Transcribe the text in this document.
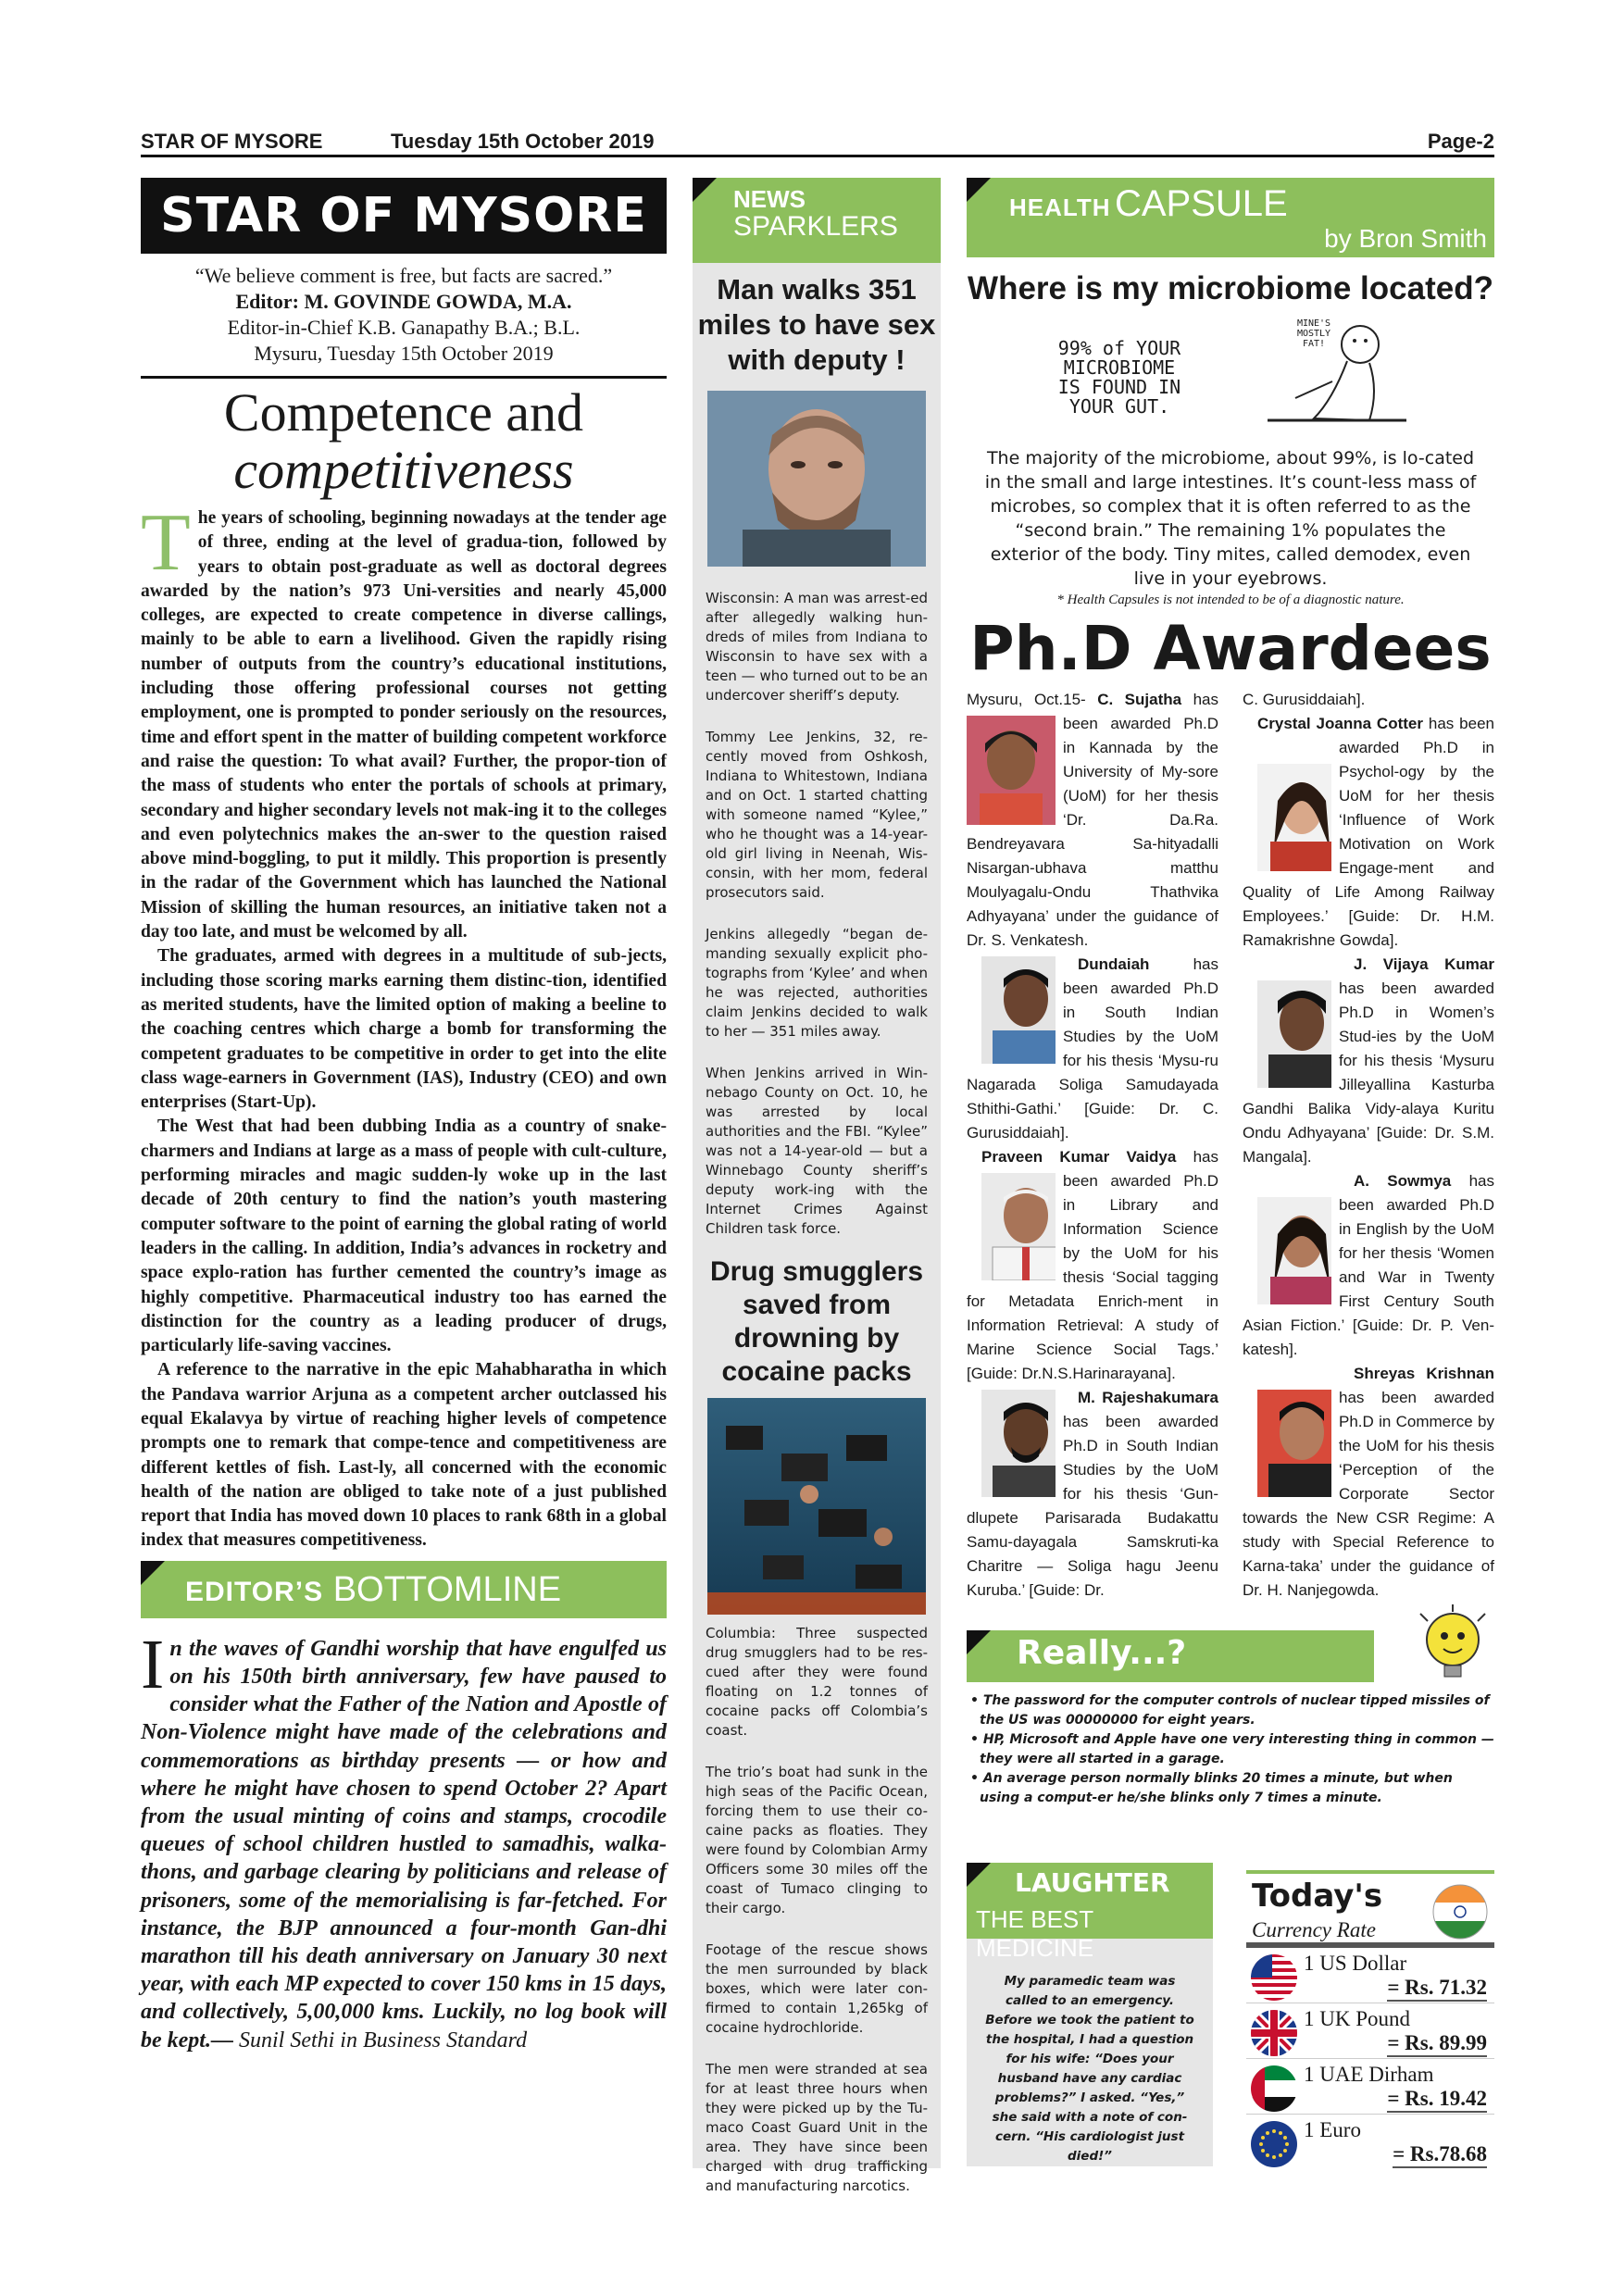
STAR OF MYSORE	Tuesday 15th October 2019	Page-2
STAR OF MYSORE
“We believe comment is free, but facts are sacred.”
Editor: M. GOVINDE GOWDA, M.A.
Editor-in-Chief K.B. Ganapathy B.A.; B.L.
Mysuru, Tuesday 15th October 2019
Competence and
competitiveness

The years of schooling, beginning nowadays at the tender age of three, ending at the level of gradua-tion, followed by years to obtain post-graduate as well as doctoral degrees awarded by the nation’s 973 Uni-versities and nearly 45,000 colleges, are expected to create competence in diverse callings, mainly to be able to earn a livelihood. Given the rapidly rising number of outputs from the country’s educational institutions, including those offering professional courses not getting employment, one is prompted to ponder seriously on the resources, time and effort spent in the matter of building competent workforce and raise the question: To what avail? Further, the propor-tion of the mass of students who enter the portals of schools at primary, secondary and higher secondary levels not mak-ing it to the colleges and even polytechnics makes the an-swer to the question raised above mind-boggling, to put it mildly. This proportion is presently in the radar of the Government which has launched the National Mission of skilling the human resources, an initiative taken not a day too late, and must be welcomed by all.

The graduates, armed with degrees in a multitude of sub-jects, including those scoring marks earning them distinc-tion, identified as merited students, have the limited option of making a beeline to the coaching centres which charge a bomb for transforming the competent graduates to be competitive in order to get into the elite class wage-earners in Government (IAS), Industry (CEO) and own enterprises (Start-Up).

The West that had been dubbing India as a country of snake-charmers and Indians at large as a mass of people with cult-culture, performing miracles and magic sudden-ly woke up in the last decade of 20th century to find the nation’s youth mastering computer software to the point of earning the global rating of world leaders in the calling. In addition, India’s advances in rocketry and space explo-ration has further cemented the country’s image as highly competitive. Pharmaceutical industry too has earned the distinction for the country as a leading producer of drugs, particularly life-saving vaccines.

A reference to the narrative in the epic Mahabharatha in which the Pandava warrior Arjuna as a competent archer outclassed his equal Ekalavya by virtue of reaching higher levels of competence prompts one to remark that compe-tence and competitiveness are different kettles of fish. Last-ly, all concerned with the economic health of the nation are obliged to take note of a just published report that India has moved down 10 places to rank 68th in a global index that measures competitiveness.

EDITOR’S BOTTOMLINE
In the waves of Gandhi worship that have engulfed us on his 150th birth anniversary, few have paused to consider what the Father of the Nation and Apostle of Non-Violence might have made of the celebrations and commemorations as birthday presents — or how and where he might have chosen to spend October 2? Apart from the usual minting of coins and stamps, crocodile queues of school children hustled to samadhis, walka-thons, and garbage clearing by politicians and release of prisoners, some of the memorialising is far-fetched. For instance, the BJP announced a four-month Gan-dhi marathon till his death anniversary on January 30 next year, with each MP expected to cover 150 kms in 15 days, and collectively, 5,00,000 kms. Luckily, no log book will be kept.— Sunil Sethi in Business Standard
NEWS
SPARKLERS
Man walks 351 miles to have sex with deputy !

Wisconsin: A man was arrest-ed after allegedly walking hun-dreds of miles from Indiana to Wisconsin to have sex with a teen — who turned out to be an undercover sheriff’s deputy.

Tommy Lee Jenkins, 32, re-cently moved from Oshkosh, Indiana to Whitestown, Indiana and on Oct. 1 started chatting with someone named “Kylee,” who he thought was a 14-year-old girl living in Neenah, Wis-consin, with her mom, federal prosecutors said.

Jenkins allegedly “began de-manding sexually explicit pho-tographs from ‘Kylee’ and when he was rejected, authorities claim Jenkins decided to walk to her — 351 miles away.

When Jenkins arrived in Win-nebago County on Oct. 10, he was arrested by local authorities and the FBI. “Kylee” was not a 14-year-old — but a Winnebago County sheriff’s deputy work-ing with the Internet Crimes Against Children task force.

Drug smugglers saved from drowning by cocaine packs

Columbia: Three suspected drug smugglers had to be res-cued after they were found floating on 1.2 tonnes of cocaine packs off Colombia’s coast.

The trio’s boat had sunk in the high seas of the Pacific Ocean, forcing them to use their co-caine packs as floaties. They were found by Colombian Army Officers some 30 miles off the coast of Tumaco clinging to their cargo.

Footage of the rescue shows the men surrounded by black boxes, which were later con-firmed to contain 1,265kg of cocaine hydrochloride.

The men were stranded at sea for at least three hours when they were picked up by the Tu-maco Coast Guard Unit in the area. They have since been charged with drug trafficking and manufacturing narcotics.

HEALTH CAPSULE
by Bron Smith
Where is my microbiome located?
99% of YOUR
MICROBIOME
IS FOUND IN
YOUR GUT.
MINE'S MOSTLY FAT!
The majority of the microbiome, about 99%, is lo-cated in the small and large intestines. It’s count-less mass of microbes, so complex that it is often referred to as the “second brain.” The remaining 1% populates the exterior of the body. Tiny mites, called demodex, even live in your eyebrows.
* Health Capsules is not intended to be of a diagnostic nature.
Ph.D Awardees

Mysuru, Oct.15- C. Sujatha
has been awarded Ph.D in Kannada by the University of My-sore (UoM) for her thesis ‘Dr. Da.Ra. Bendreyavara Sa-hityadalli Nisargan-ubhava matthu Moulyagalu-Ondu Thathvika Adhyayana’ under the guidance of Dr. S. Venkatesh.

Dundaiah	has been awarded Ph.D in South Indian Studies by the UoM for his thesis ‘Mysu-ru Nagarada Soliga Samudayada Sthithi-Gathi.’ [Guide: Dr. C. Gurusiddaiah].

Praveen Kumar Vaidya
has been awarded Ph.D in Library and Information Science by the UoM for his thesis ‘Social tagging for Metadata Enrich-ment in Information Retrieval: A study of Marine Science Social Tags.’ [Guide: Dr.N.S.Harinarayana].

M. Rajeshakumara
has been awarded Ph.D in South Indian Studies by the UoM for his thesis ‘Gun-dlupete Parisarada Budakattu Samu-dayagala Samskruti-ka Charitre — Soliga hagu Jeenu Kuruba.’ [Guide: Dr.

C. Gurusiddaiah].

Crystal Joanna Cotter
has been awarded Ph.D in Psychol-ogy by the UoM for her thesis ‘Influence of Work Motivation on Work Engage-ment and Quality of Life Among Railway Employees.’ [Guide: Dr. H.M. Ramakrishne Gowda].

J. Vijaya Kumar
has been awarded Ph.D in Women’s Stud-ies by the UoM for his thesis ‘Mysuru Jilleyallina Kasturba Gandhi Balika Vidy-alaya Kuritu Ondu Adhyayana’ [Guide: Dr. S.M. Mangala].

A. Sowmya
has been awarded Ph.D in English by the UoM for her thesis ‘Women and War in Twenty First Century South Asian Fiction.’ [Guide: Dr. P. Ven-katesh].

Shreyas Krishnan
has been awarded Ph.D in Commerce by the UoM for his thesis ‘Perception of the Corporate Sector towards the New CSR Regime: A study with Special Reference to Karna-taka’ under the guidance of Dr. H. Nanjegowda.

Really...?
• The password for the computer controls of nuclear tipped missiles of the US was 00000000 for eight years.
• HP, Microsoft and Apple have one very interesting thing in common — they were all started in a garage.
• An average person normally blinks 20 times a minute, but when using a comput-er he/she blinks only 7 times a minute.
LAUGHTER
THE BEST MEDICINE
My paramedic team was called to an emergency. Before we took the patient to the hospital, I had a question for his wife: “Does your husband have any cardiac problems?” I asked. “Yes,” she said with a note of con-cern. “His cardiologist just died!”
Today's
Currency Rate
1 US Dollar
= Rs. 71.32
1 UK Pound
= Rs. 89.99
1 UAE Dirham
= Rs. 19.42
1 Euro
= Rs.78.68
